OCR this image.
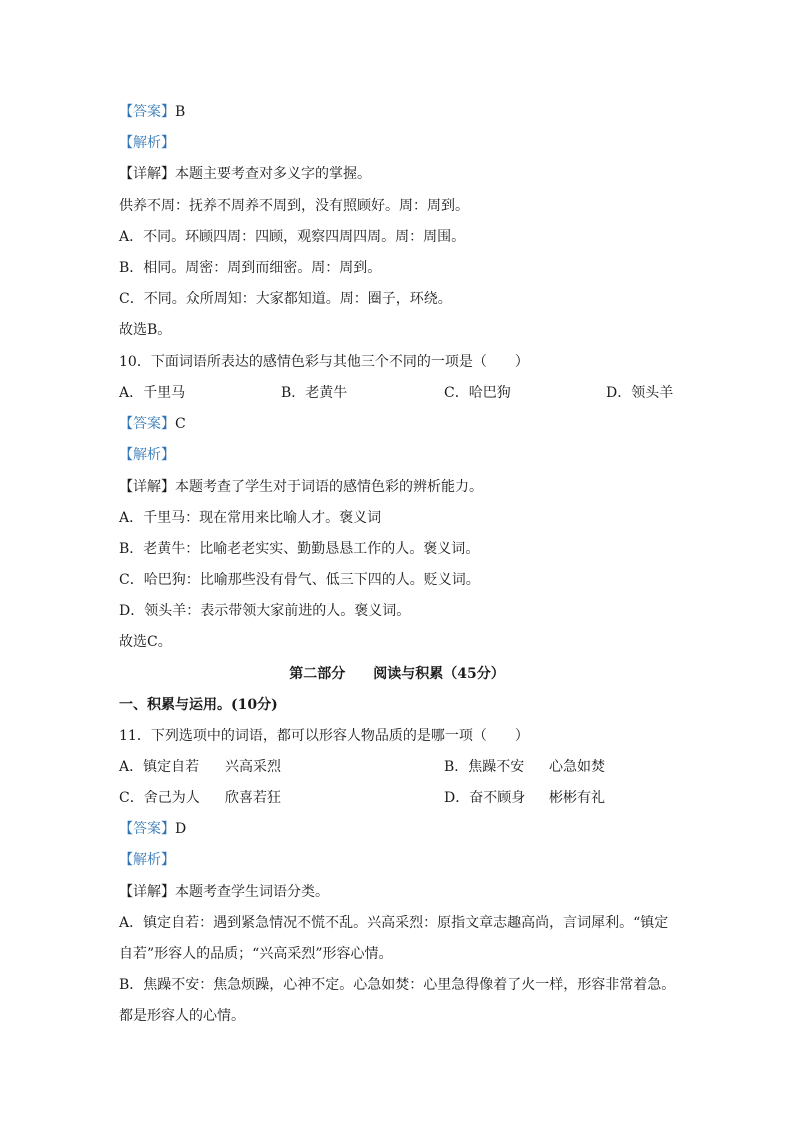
【答案】B
【解析】
【详解】本题主要考查对多义字的掌握。
供养不周：抚养不周养不周到，没有照顾好。周：周到。
A．不同。环顾四周：四顾，观察四周四周。周：周围。
B．相同。周密：周到而细密。周：周到。
C．不同。众所周知：大家都知道。周：圈子，环绕。
故选B。
10．下面词语所表达的感情色彩与其他三个不同的一项是（　　）
A．千里马	B．老黄牛	C．哈巴狗	D．领头羊
【答案】C
【解析】
【详解】本题考查了学生对于词语的感情色彩的辨析能力。
A．千里马：现在常用来比喻人才。褒义词
B．老黄牛：比喻老老实实、勤勤恳恳工作的人。褒义词。
C．哈巴狗：比喻那些没有骨气、低三下四的人。贬义词。
D．领头羊：表示带领大家前进的人。褒义词。
故选C。
第二部分　　阅读与积累（45分）
一、积累与运用。(10分)
11．下列选项中的词语，都可以形容人物品质的是哪一项（　　）
A．镇定自若 兴高采烈	B．焦躁不安 心急如焚
C．舍己为人 欣喜若狂	D．奋不顾身 彬彬有礼
【答案】D
【解析】
【详解】本题考查学生词语分类。
A．镇定自若：遇到紧急情况不慌不乱。兴高采烈：原指文章志趣高尚，言词犀利。“镇定
自若”形容人的品质；“兴高采烈”形容心情。
B．焦躁不安：焦急烦躁，心神不定。心急如焚：心里急得像着了火一样，形容非常着急。
都是形容人的心情。
